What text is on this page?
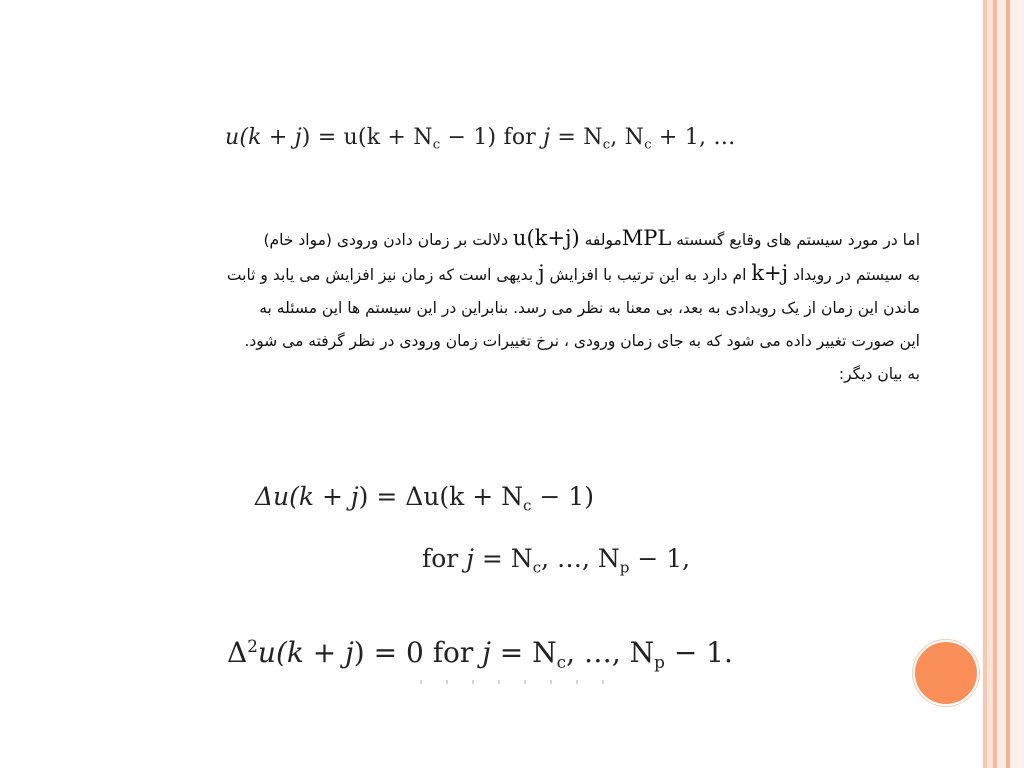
$u(k + j) = u(k + N_c - 1)$ for $j = N_c$, $N_c + 1$, …
اما در مورد سیستم های وقایع گسسته MPLمولفه u(k+j) دلالت بر زمان دادن ورودی (مواد خام)
به سیستم در رویداد k+j ام دارد به این ترتیب با افزایش j بدیهی است که زمان نیز افزایش می یابد و ثابت
ماندن این زمان از یک رویدادی به بعد، بی معنا به نظر می رسد. بنابراین در این سیستم ها این مسئله به
این صورت تغییر داده می شود که به جای زمان ورودی ، نرخ تغییرات زمان ورودی در نظر گرفته می شود.
به بیان دیگر:
$\Delta u(k + j) = \Delta u(k + N_c - 1)$
for $j = N_c$, …, $N_p - 1$,
$\Delta^2u(k + j) = 0$ for $j = N_c$, …, $N_p - 1$.
